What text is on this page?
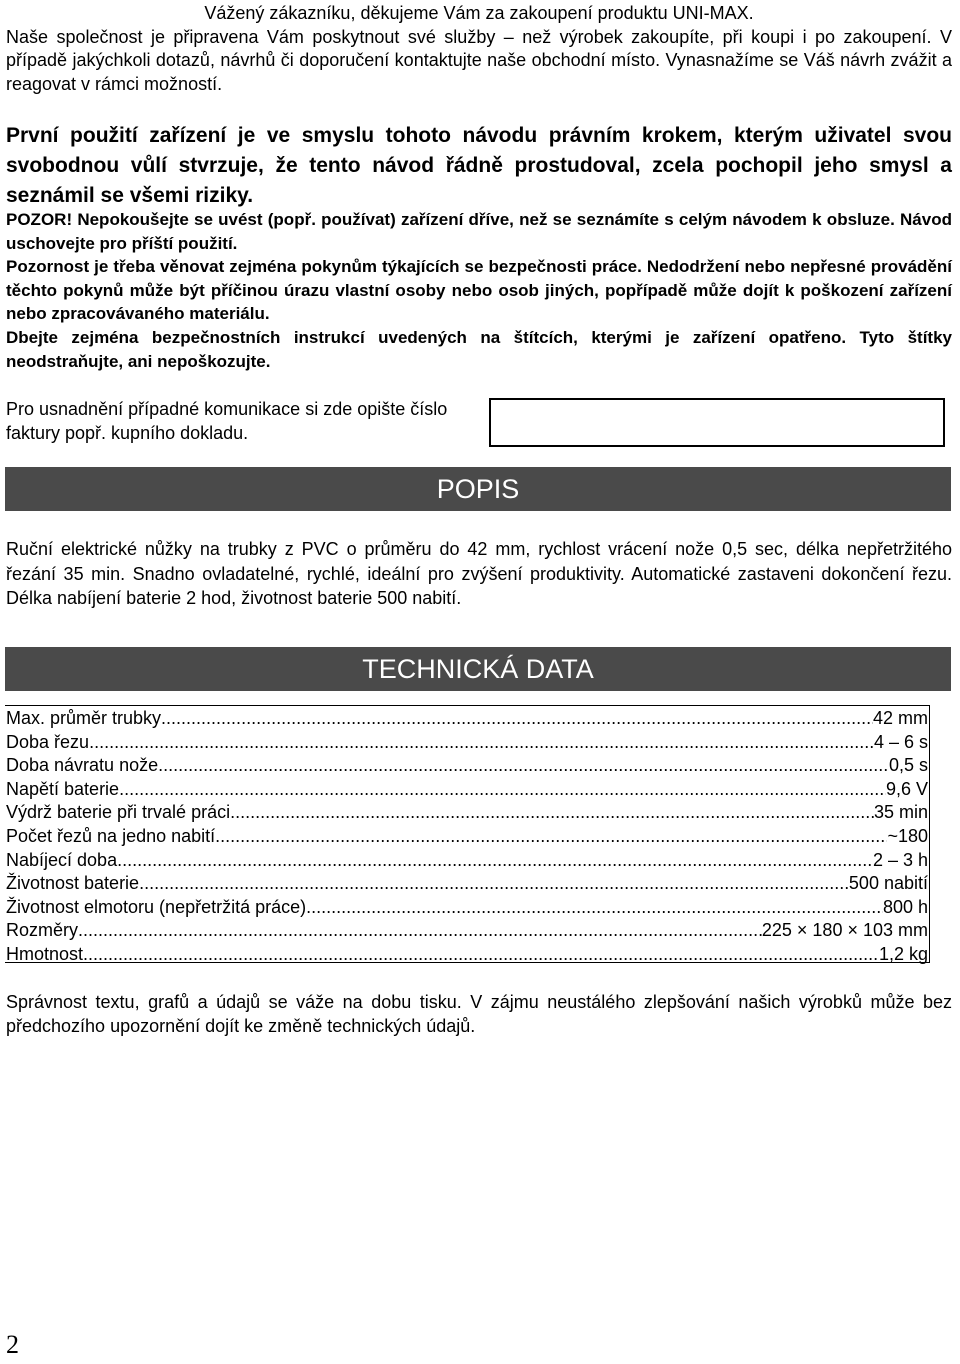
Vážený zákazníku, děkujeme Vám za zakoupení produktu UNI-MAX.
Naše společnost je připravena Vám poskytnout své služby – než výrobek zakoupíte, při koupi i po zakoupení. V případě jakýchkoli dotazů, návrhů či doporučení kontaktujte naše obchodní místo. Vynasnažíme se Váš návrh zvážit a reagovat v rámci možností.
První použití zařízení je ve smyslu tohoto návodu právním krokem, kterým uživatel svou svobodnou vůlí stvrzuje, že tento návod řádně prostudoval, zcela pochopil jeho smysl a seznámil se všemi riziky.

POZOR! Nepokoušejte se uvést (popř. používat) zařízení dříve, než se seznámíte s celým návodem k obsluze. Návod uschovejte pro příští použití.

Pozornost je třeba věnovat zejména pokynům týkajících se bezpečnosti práce. Nedodržení nebo nepřesné provádění těchto pokynů může být příčinou úrazu vlastní osoby nebo osob jiných, popřípadě může dojít k poškození zařízení nebo zpracovávaného materiálu.

Dbejte zejména bezpečnostních instrukcí uvedených na štítcích, kterými je zařízení opatřeno. Tyto štítky neodstraňujte, ani nepoškozujte.

Pro usnadnění případné komunikace si zde opište číslo faktury popř. kupního dokladu.
POPIS
Ruční elektrické nůžky na trubky z PVC o průměru do 42 mm, rychlost vrácení nože 0,5 sec, délka nepřetržitého řezání 35 min. Snadno ovladatelné, rychlé, ideální pro zvýšení produktivity. Automatické zastaveni dokončení řezu. Délka nabíjení baterie 2 hod, životnost baterie 500 nabití.
TECHNICKÁ DATA
Max. průměr trubky .....	42 mm
Doba řezu .....	4 – 6 s
Doba návratu nože .....	0,5 s
Napětí baterie .....	9,6 V
Výdrž baterie při trvalé práci .....	35 min
Počet řezů na jedno nabití .....	~180
Nabíjecí doba .....	2 – 3 h
Životnost baterie .....	500 nabití
Životnost elmotoru (nepřetržitá práce) .....	800 h
Rozměry .....	225 × 180 × 103 mm
Hmotnost .....	1,2 kg
Správnost textu, grafů a údajů se váže na dobu tisku. V zájmu neustálého zlepšování našich výrobků může bez předchozího upozornění dojít ke změně technických údajů.
2
